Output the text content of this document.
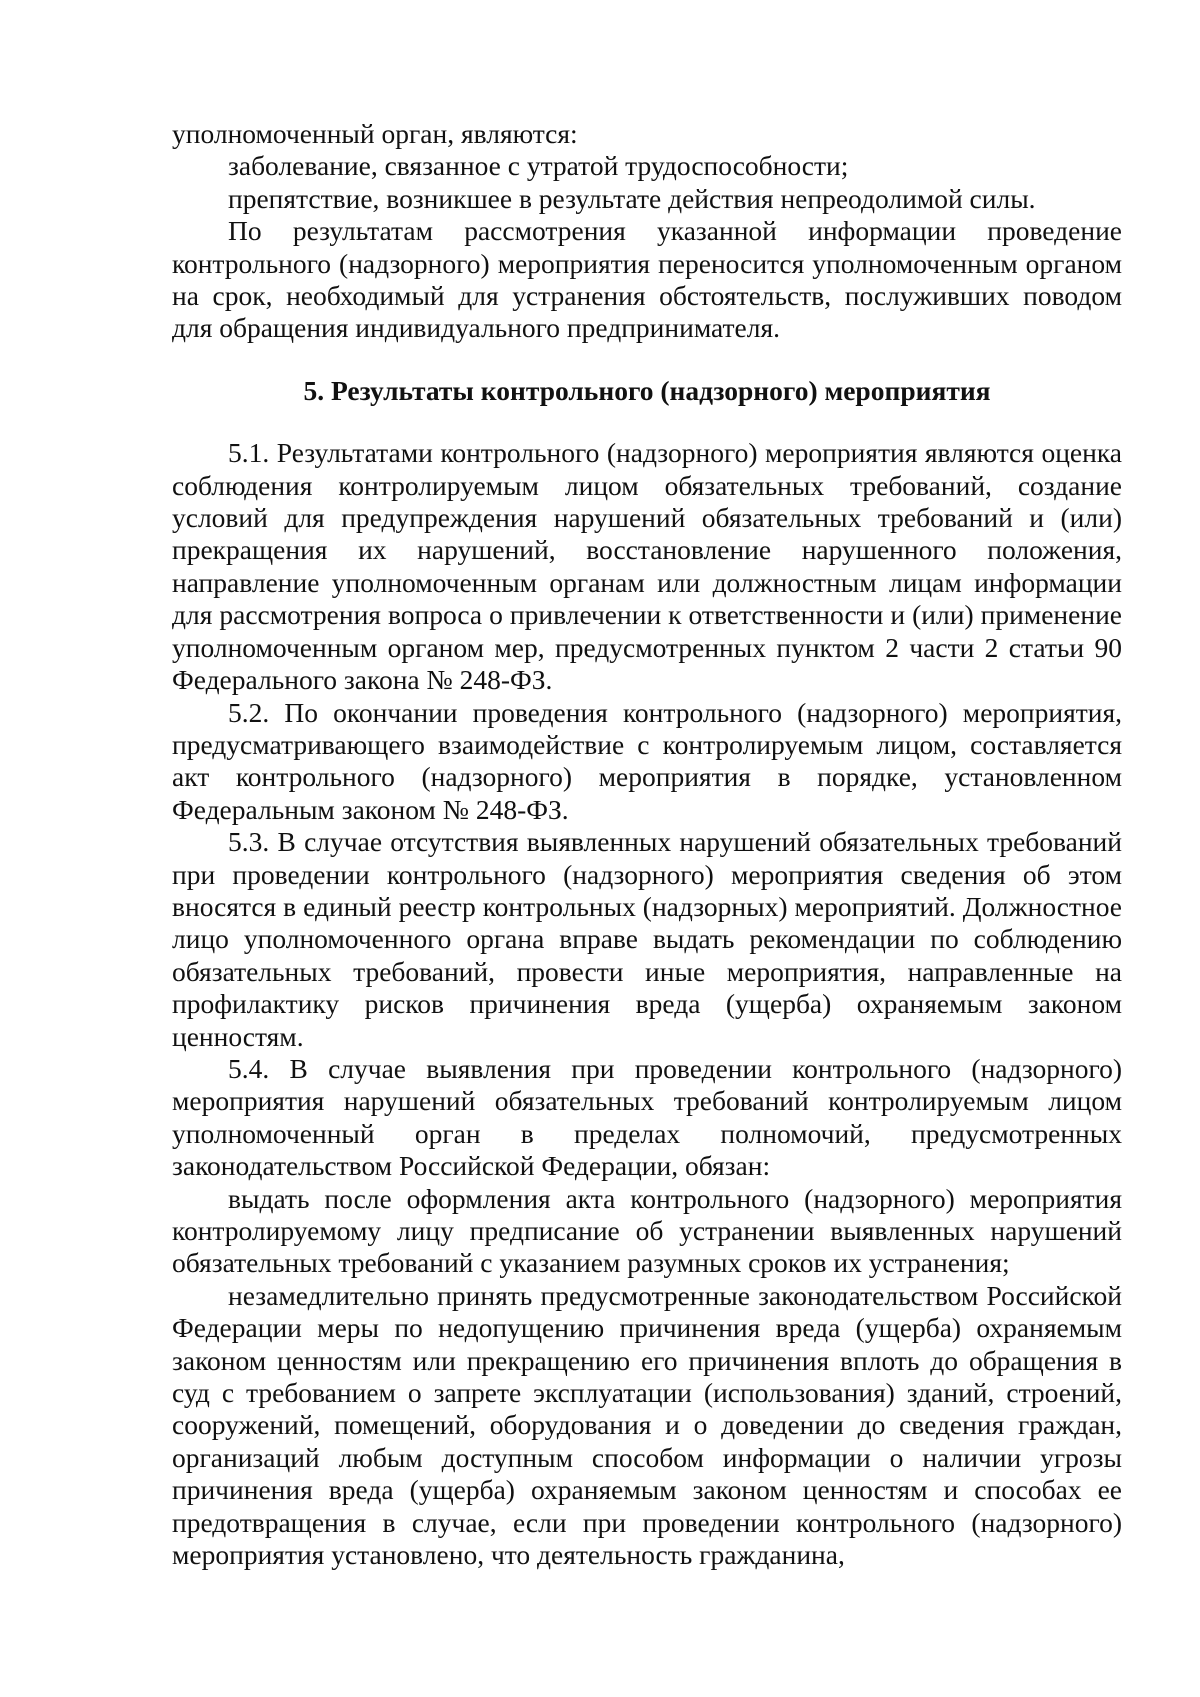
уполномоченный орган, являются:

заболевание, связанное с утратой трудоспособности;

препятствие, возникшее в результате действия непреодолимой силы.

По результатам рассмотрения указанной информации проведение контрольного (надзорного) мероприятия переносится уполномоченным органом на срок, необходимый для устранения обстоятельств, послуживших поводом для обращения индивидуального предпринимателя.

5. Результаты контрольного (надзорного) мероприятия

5.1. Результатами контрольного (надзорного) мероприятия являются оценка соблюдения контролируемым лицом обязательных требований, создание условий для предупреждения нарушений обязательных требований и (или) прекращения их нарушений, восстановление нарушенного положения, направление уполномоченным органам или должностным лицам информации для рассмотрения вопроса о привлечении к ответственности и (или) применение уполномоченным органом мер, предусмотренных пунктом 2 части 2 статьи 90 Федерального закона № 248-ФЗ.

5.2. По окончании проведения контрольного (надзорного) мероприятия, предусматривающего взаимодействие с контролируемым лицом, составляется акт контрольного (надзорного) мероприятия в порядке, установленном Федеральным законом № 248-ФЗ.

5.3. В случае отсутствия выявленных нарушений обязательных требований при проведении контрольного (надзорного) мероприятия сведения об этом вносятся в единый реестр контрольных (надзорных) мероприятий. Должностное лицо уполномоченного органа вправе выдать рекомендации по соблюдению обязательных требований, провести иные мероприятия, направленные на профилактику рисков причинения вреда (ущерба) охраняемым законом ценностям.

5.4. В случае выявления при проведении контрольного (надзорного) мероприятия нарушений обязательных требований контролируемым лицом уполномоченный орган в пределах полномочий, предусмотренных законодательством Российской Федерации, обязан:

выдать после оформления акта контрольного (надзорного) мероприятия контролируемому лицу предписание об устранении выявленных нарушений обязательных требований с указанием разумных сроков их устранения;

незамедлительно принять предусмотренные законодательством Российской Федерации меры по недопущению причинения вреда (ущерба) охраняемым законом ценностям или прекращению его причинения вплоть до обращения в суд с требованием о запрете эксплуатации (использования) зданий, строений, сооружений, помещений, оборудования и о доведении до сведения граждан, организаций любым доступным способом информации о наличии угрозы причинения вреда (ущерба) охраняемым законом ценностям и способах ее предотвращения в случае, если при проведении контрольного (надзорного) мероприятия установлено, что деятельность гражданина,
